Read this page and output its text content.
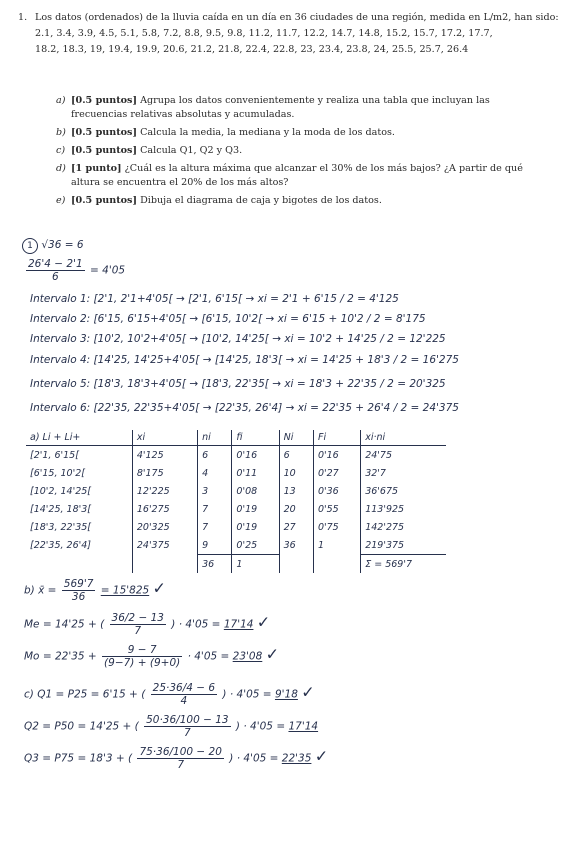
1. Los datos (ordenados) de la lluvia caída en un día en 36 ciudades de una región, medida en L/m2, han sido:
2.1, 3.4, 3.9, 4.5, 5.1, 5.8, 7.2, 8.8, 9.5, 9.8, 11.2, 11.7, 12.2, 14.7, 14.8, 15.2, 15.7, 17.2, 17.7,
18.2, 18.3, 19, 19.4, 19.9, 20.6, 21.2, 21.8, 22.4, 22.8, 23, 23.4, 23.8, 24, 25.5, 25.7, 26.4
a) [0.5 puntos] Agrupa los datos convenientemente y realiza una tabla que incluyan las frecuencias relativas absolutas y acumuladas.
b) [0.5 puntos] Calcula la media, la mediana y la moda de los datos.
c) [0.5 puntos] Calcula Q1, Q2 y Q3.
d) [1 punto] ¿Cuál es la altura máxima que alcanzar el 30% de los más bajos? ¿A partir de qué altura se encuentra el 20% de los más altos?
e) [0.5 puntos] Dibuja el diagrama de caja y bigotes de los datos.
1 √36 = 6
$\frac{26'4 - 2'1}{6} = 4'05$
Intervalo 1: [2'1, 2'1+4'05[ → [2'1, 6'15[ → xi = 2'1 + 6'15 / 2 = 4'125
Intervalo 2: [6'15, 6'15+4'05[ → [6'15, 10'2[ → xi = 6'15 + 10'2 / 2 = 8'175
Intervalo 3: [10'2, 10'2+4'05[ → [10'2, 14'25[ → xi = 10'2 + 14'25 / 2 = 12'225
Intervalo 4: [14'25, 14'25+4'05[ → [14'25, 18'3[ → xi = 14'25 + 18'3 / 2 = 16'275
Intervalo 5: [18'3, 18'3+4'05[ → [18'3, 22'35[ → xi = 18'3 + 22'35 / 2 = 20'325
Intervalo 6: [22'35, 22'35+4'05[ → [22'35, 26'4] → xi = 22'35 + 26'4 / 2 = 24'375
a) Li + Li+	xi	ni	fi	Ni	Fi	xi·ni
[2'1, 6'15[	4'125	6	0'16	6	0'16	24'75
[6'15, 10'2[	8'175	4	0'11	10	0'27	32'7
[10'2, 14'25[	12'225	3	0'08	13	0'36	36'675
[14'25, 18'3[	16'275	7	0'19	20	0'55	113'925
[18'3, 22'35[	20'325	7	0'19	27	0'75	142'275
[22'35, 26'4]	24'375	9	0'25	36	1	219'375
		36	1			Σ = 569'7
b) x̄ = $\frac{569'7}{36} = 15'825$ ✓
Me = 14'25 + ( $\frac{36/2 - 13}{7}$ ) · 4'05 = 17'14 ✓
$Mo = 22'35 + \frac{9 - 7}{(9-7) + (9+0)} \cdot 4'05 = 23'08$ ✓
c) Q1 = P25 = 6'15 + ( $\frac{25\cdot 36/4 - 6}{4}$ ) · 4'05 = 9'18 ✓
Q2 = P50 = 14'25 + ( $\frac{50\cdot 36/100 - 13}{7}$ ) · 4'05 = 17'14
Q3 = P75 = 18'3 + ( $\frac{75\cdot 36/100 - 20}{7}$ ) · 4'05 = 22'35 ✓
